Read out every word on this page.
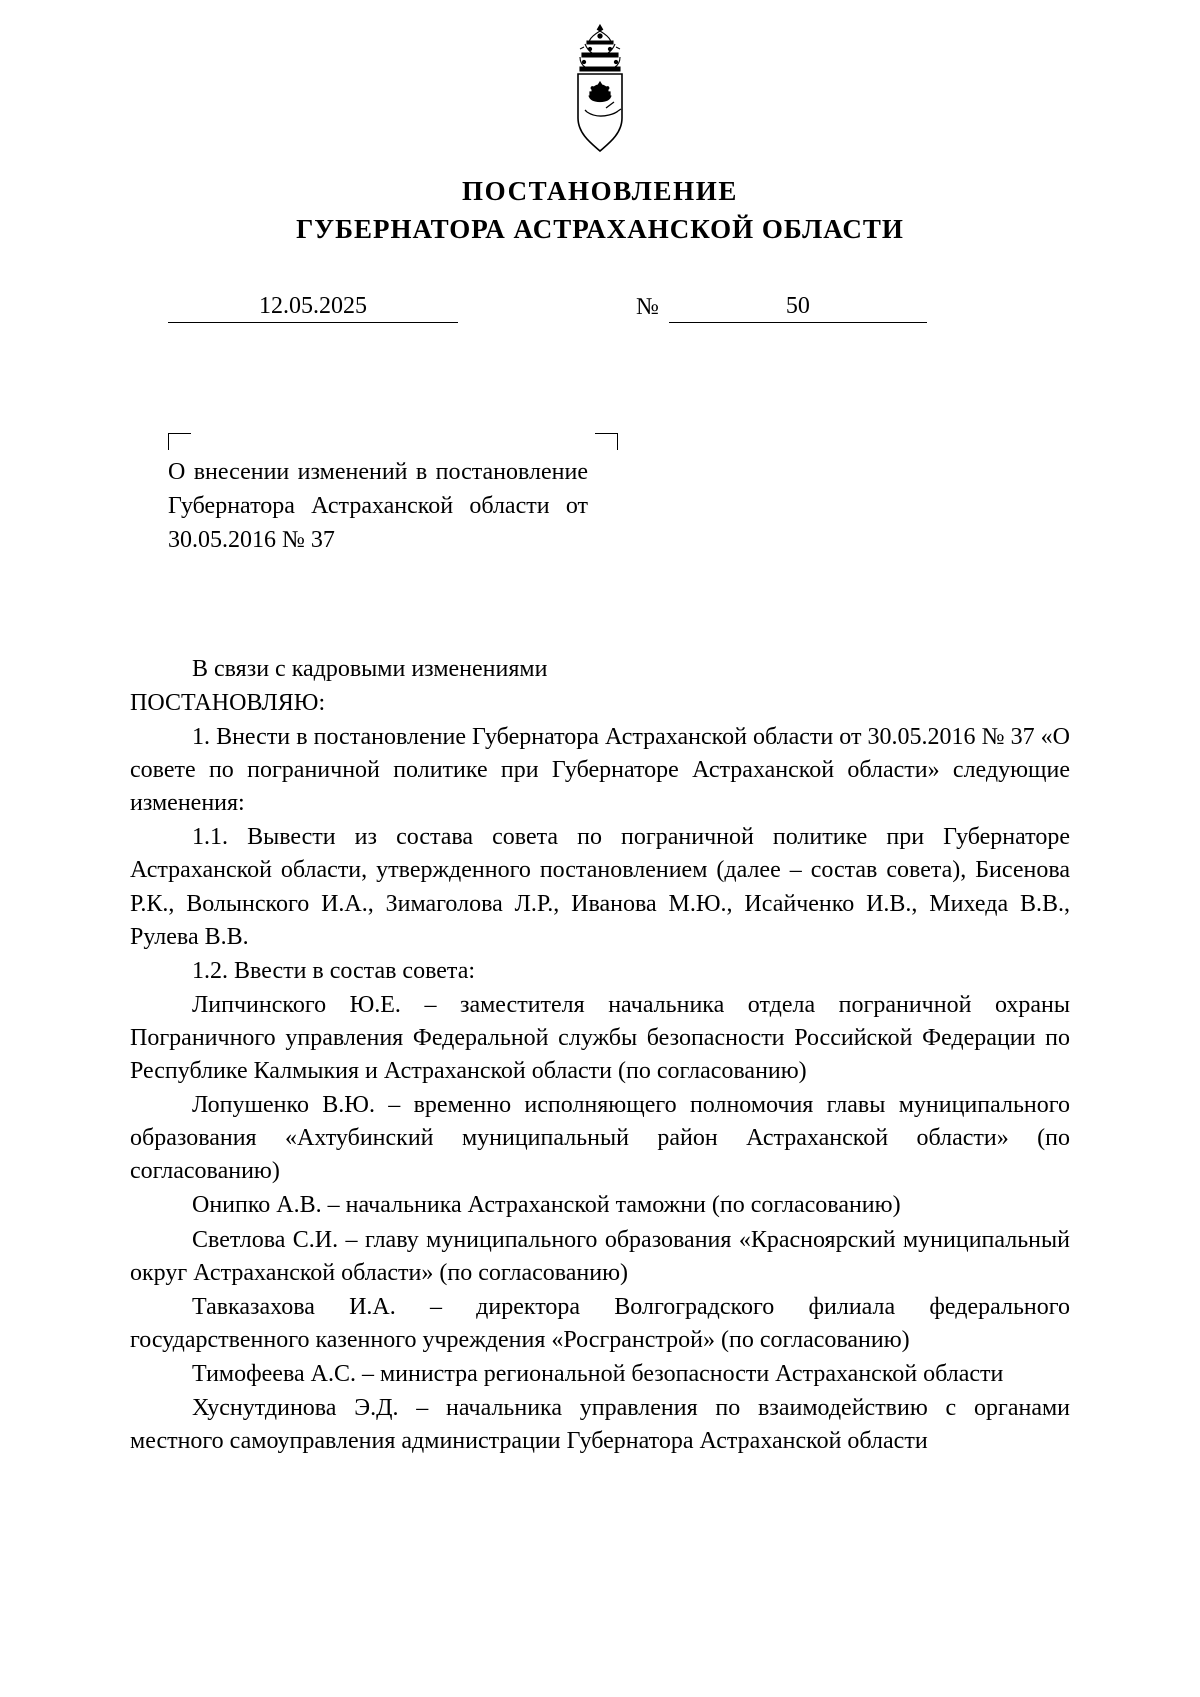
ПОСТАНОВЛЕНИЕ
ГУБЕРНАТОРА АСТРАХАНСКОЙ ОБЛАСТИ
12.05.2025	№	50
О внесении изменений в постановление Губернатора Астраханской области от 30.05.2016 № 37

В связи с кадровыми изменениями

ПОСТАНОВЛЯЮ:

1. Внести в постановление Губернатора Астраханской области от 30.05.2016 № 37 «О совете по пограничной политике при Губернаторе Астраханской области» следующие изменения:

1.1. Вывести из состава совета по пограничной политике при Губернаторе Астраханской области, утвержденного постановлением (далее – состав совета), Бисенова Р.К., Волынского И.А., Зимаголова Л.Р., Иванова М.Ю., Исайченко И.В., Михеда В.В., Рулева В.В.

1.2. Ввести в состав совета:

Липчинского Ю.Е. – заместителя начальника отдела пограничной охраны Пограничного управления Федеральной службы безопасности Российской Федерации по Республике Калмыкия и Астраханской области (по согласованию)

Лопушенко В.Ю. – временно исполняющего полномочия главы муниципального образования «Ахтубинский муниципальный район Астраханской области» (по согласованию)

Онипко А.В. – начальника Астраханской таможни (по согласованию)

Светлова С.И. – главу муниципального образования «Красноярский муниципальный округ Астраханской области» (по согласованию)

Тавказахова И.А. – директора Волгоградского филиала федерального государственного казенного учреждения «Росгранстрой» (по согласованию)

Тимофеева А.С. – министра региональной безопасности Астраханской области

Хуснутдинова Э.Д. – начальника управления по взаимодействию с органами местного самоуправления администрации Губернатора Астраханской области
